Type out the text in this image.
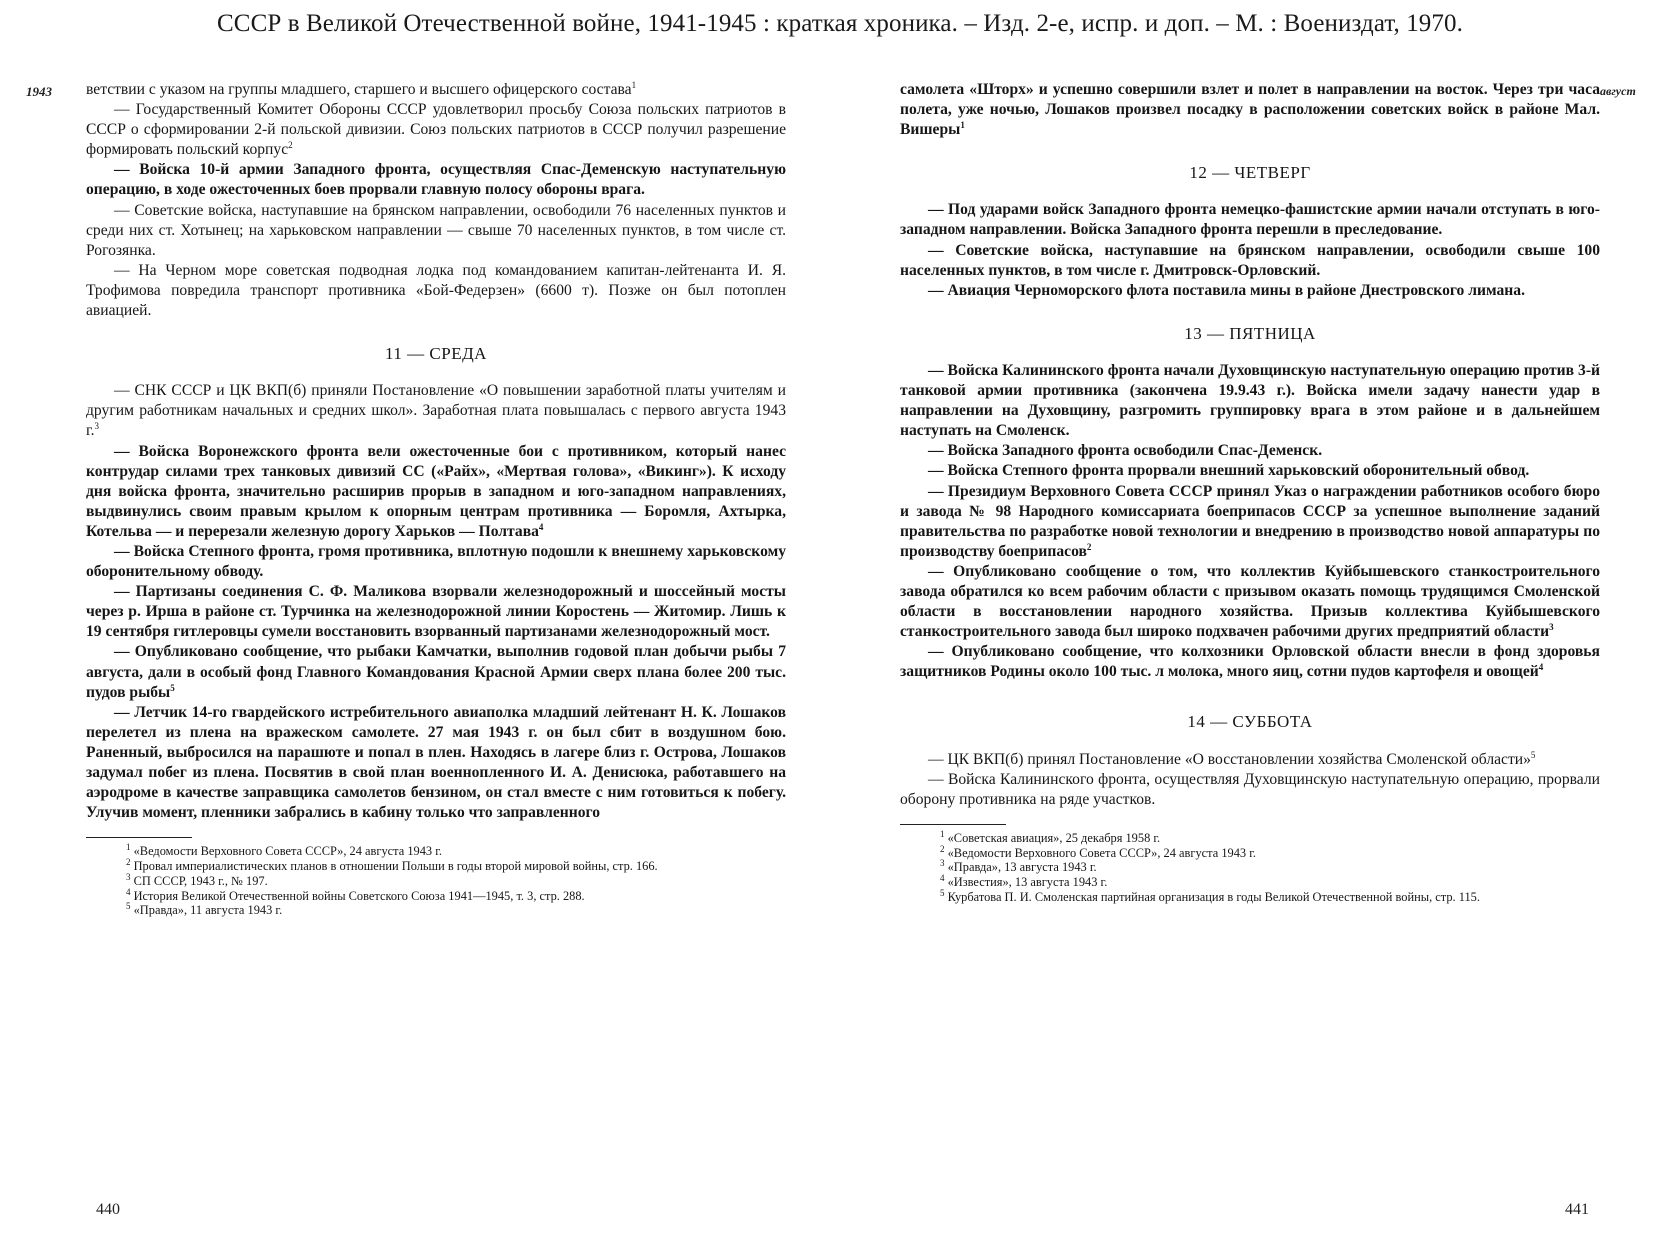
СССР в Великой Отечественной войне, 1941-1945 : краткая хроника. – Изд. 2-е, испр. и доп. – М. : Воениздат, 1970.
1943	август

ветствии с указом на группы младшего, старшего и высшего офицерского состава$^1$

— Государственный Комитет Обороны СССР удовлетворил просьбу Союза польских патриотов в СССР о сформировании 2-й польской дивизии. Союз польских патриотов в СССР получил разрешение формировать польский корпус$^2$

— Войска 10-й армии Западного фронта, осуществляя Спас-Деменскую наступательную операцию, в ходе ожесточенных боев прорвали главную полосу обороны врага.

— Советские войска, наступавшие на брянском направлении, освободили 76 населенных пунктов и среди них ст. Хотынец; на харьковском направлении — свыше 70 населенных пунктов, в том числе ст. Рогозянка.

— На Черном море советская подводная лодка под командованием капитан-лейтенанта И. Я. Трофимова повредила транспорт противника «Бой-Федерзен» (6600 т). Позже он был потоплен авиацией.

11 — СРЕДА

— СНК СССР и ЦК ВКП(б) приняли Постановление «О повышении заработной платы учителям и другим работникам начальных и средних школ». Заработная плата повышалась с первого августа 1943 г.$^3$

— Войска Воронежского фронта вели ожесточенные бои с противником, который нанес контрудар силами трех танковых дивизий СС («Райх», «Мертвая голова», «Викинг»). К исходу дня войска фронта, значительно расширив прорыв в западном и юго-западном направлениях, выдвинулись своим правым крылом к опорным центрам противника — Боромля, Ахтырка, Котельва — и перерезали железную дорогу Харьков — Полтава$^4$

— Войска Степного фронта, громя противника, вплотную подошли к внешнему харьковскому оборонительному обводу.

— Партизаны соединения С. Ф. Маликова взорвали железнодорожный и шоссейный мосты через р. Ирша в районе ст. Турчинка на железнодорожной линии Коростень — Житомир. Лишь к 19 сентября гитлеровцы сумели восстановить взорванный партизанами железнодорожный мост.

— Опубликовано сообщение, что рыбаки Камчатки, выполнив годовой план добычи рыбы 7 августа, дали в особый фонд Главного Командования Красной Армии сверх плана более 200 тыс. пудов рыбы$^5$

— Летчик 14-го гвардейского истребительного авиаполка младший лейтенант Н. К. Лошаков перелетел из плена на вражеском самолете. 27 мая 1943 г. он был сбит в воздушном бою. Раненный, выбросился на парашюте и попал в плен. Находясь в лагере близ г. Острова, Лошаков задумал побег из плена. Посвятив в свой план военнопленного И. А. Денисюка, работавшего на аэродроме в качестве заправщика самолетов бензином, он стал вместе с ним готовиться к побегу. Улучив момент, пленники забрались в кабину только что заправленного

$^1$ «Ведомости Верховного Совета СССР», 24 августа 1943 г.

$^2$ Провал империалистических планов в отношении Польши в годы второй мировой войны, стр. 166.

$^3$ СП СССР, 1943 г., № 197.

$^4$ История Великой Отечественной войны Советского Союза 1941—1945, т. 3, стр. 288.

$^5$ «Правда», 11 августа 1943 г.

самолета «Шторх» и успешно совершили взлет и полет в направлении на восток. Через три часа полета, уже ночью, Лошаков произвел посадку в расположении советских войск в районе Мал. Вишеры$^1$

12 — ЧЕТВЕРГ

— Под ударами войск Западного фронта немецко-фашистские армии начали отступать в юго-западном направлении. Войска Западного фронта перешли в преследование.

— Советские войска, наступавшие на брянском направлении, освободили свыше 100 населенных пунктов, в том числе г. Дмитровск-Орловский.

— Авиация Черноморского флота поставила мины в районе Днестровского лимана.

13 — ПЯТНИЦА

— Войска Калининского фронта начали Духовщинскую наступательную операцию против 3-й танковой армии противника (закончена 19.9.43 г.). Войска имели задачу нанести удар в направлении на Духовщину, разгромить группировку врага в этом районе и в дальнейшем наступать на Смоленск.

— Войска Западного фронта освободили Спас-Деменск.

— Войска Степного фронта прорвали внешний харьковский оборонительный обвод.

— Президиум Верховного Совета СССР принял Указ о награждении работников особого бюро и завода № 98 Народного комиссариата боеприпасов СССР за успешное выполнение заданий правительства по разработке новой технологии и внедрению в производство новой аппаратуры по производству боеприпасов$^2$

— Опубликовано сообщение о том, что коллектив Куйбышевского станкостроительного завода обратился ко всем рабочим области с призывом оказать помощь трудящимся Смоленской области в восстановлении народного хозяйства. Призыв коллектива Куйбышевского станкостроительного завода был широко подхвачен рабочими других предприятий области$^3$

— Опубликовано сообщение, что колхозники Орловской области внесли в фонд здоровья защитников Родины около 100 тыс. л молока, много яиц, сотни пудов картофеля и овощей$^4$

14 — СУББОТА

— ЦК ВКП(б) принял Постановление «О восстановлении хозяйства Смоленской области»$^5$

— Войска Калининского фронта, осуществляя Духовщинскую наступательную операцию, прорвали оборону противника на ряде участков.

$^1$ «Советская авиация», 25 декабря 1958 г.

$^2$ «Ведомости Верховного Совета СССР», 24 августа 1943 г.

$^3$ «Правда», 13 августа 1943 г.

$^4$ «Известия», 13 августа 1943 г.

$^5$ Курбатова П. И. Смоленская партийная организация в годы Великой Отечественной войны, стр. 115.

440	441
